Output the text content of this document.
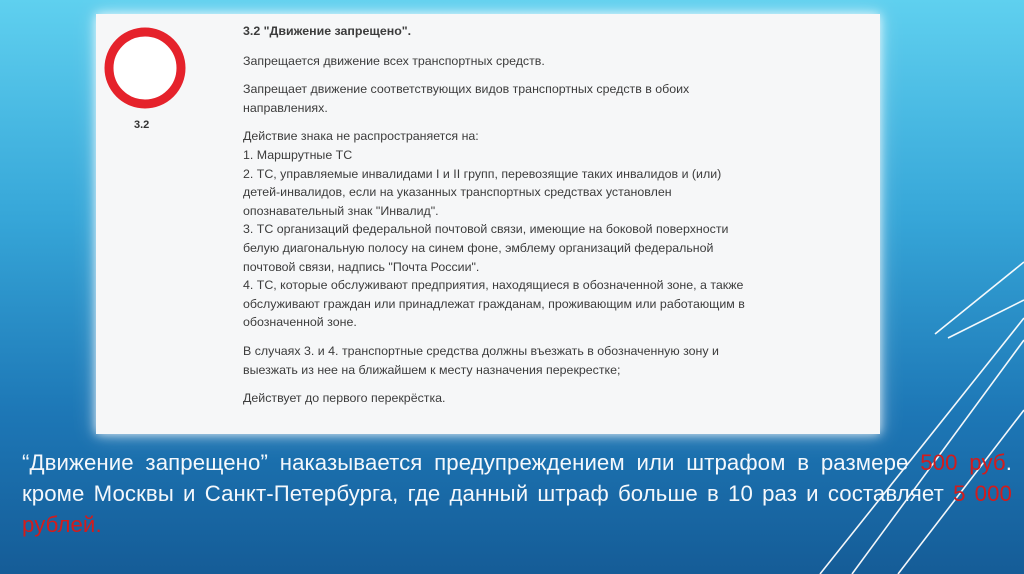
3.2
3.2 "Движение запрещено".
Запрещается движение всех транспортных средств.
Запрещает движение соответствующих видов транспортных средств в обоих
направлениях.
Действие знака не распространяется на:
1. Маршрутные ТС
2. ТС, управляемые инвалидами I и II групп, перевозящие таких инвалидов и (или)
детей-инвалидов, если на указанных транспортных средствах установлен
опознавательный знак "Инвалид".
3. ТС организаций федеральной почтовой связи, имеющие на боковой поверхности
белую диагональную полосу на синем фоне, эмблему организаций федеральной
почтовой связи, надпись "Почта России".
4. ТС, которые обслуживают предприятия, находящиеся в обозначенной зоне, а также
обслуживают граждан или принадлежат гражданам, проживающим или работающим в
обозначенной зоне.
В случаях 3. и 4. транспортные средства должны въезжать в обозначенную зону и
выезжать из нее на ближайшем к месту назначения перекрестке;
Действует до первого перекрёстка.
“Движение запрещено” наказывается предупреждением или штрафом в размере 500 руб. кроме Москвы и Санкт-Петербурга, где данный штраф больше в 10 раз и составляет 5 000 рублей.
